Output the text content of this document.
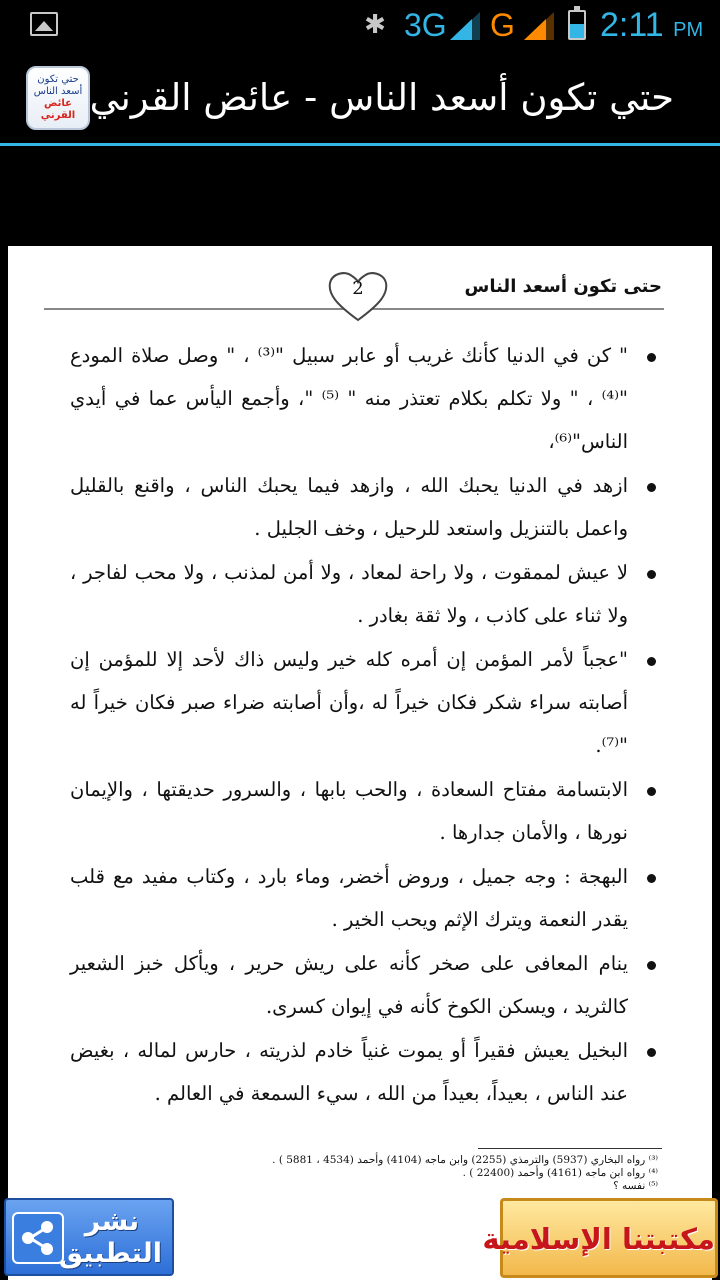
✱ 3G G	2:11 PM
حتي تكون
أسعد الناس
عائض القرني حتي تكون أسعد الناس - عائض القرني
حتى تكون أسعد الناس
2
" كن في الدنيا كأنك غريب أو عابر سبيل "⁽³⁾ ، " وصل صلاة المودع "⁽⁴⁾ ، " ولا تكلم بكلام تعتذر منه " ⁽⁵⁾ "، وأجمع اليأس عما في أيدي الناس"⁽⁶⁾،
ازهد في الدنيا يحبك الله ، وازهد فيما يحبك الناس ، واقنع بالقليل واعمل بالتنزيل واستعد للرحيل ، وخف الجليل .
لا عيش لممقوت ، ولا راحة لمعاد ، ولا أمن لمذنب ، ولا محب لفاجر ، ولا ثناء على كاذب ، ولا ثقة بغادر .
"عجباً لأمر المؤمن إن أمره كله خير وليس ذاك لأحد إلا للمؤمن إن أصابته سراء شكر فكان خيراً له ،وأن أصابته ضراء صبر فكان خيراً له "⁽⁷⁾.
الابتسامة مفتاح السعادة ، والحب بابها ، والسرور حديقتها ، والإيمان نورها ، والأمان جدارها .
البهجة : وجه جميل ، وروض أخضر، وماء بارد ، وكتاب مفيد مع قلب يقدر النعمة ويترك الإثم ويحب الخير .
ينام المعافى على صخر كأنه على ريش حرير ، ويأكل خبز الشعير كالثريد ، ويسكن الكوخ كأنه في إيوان كسرى.
البخيل يعيش فقيراً أو يموت غنياً خادم لذريته ، حارس لماله ، بغيض عند الناس ، بعيداً، بعيداً من الله ، سيء السمعة في العالم .
⁽³⁾ رواه البخاري (5937) والترمذي (2255) وابن ماجه (4104) وأحمد (4534 ، 5881 ) .
⁽⁴⁾ رواه ابن ماجه (4161) وأحمد (22400 ) .
⁽⁵⁾ نفسه ؟
نشر
التطبيق	مكتبتنا الإسلامية
